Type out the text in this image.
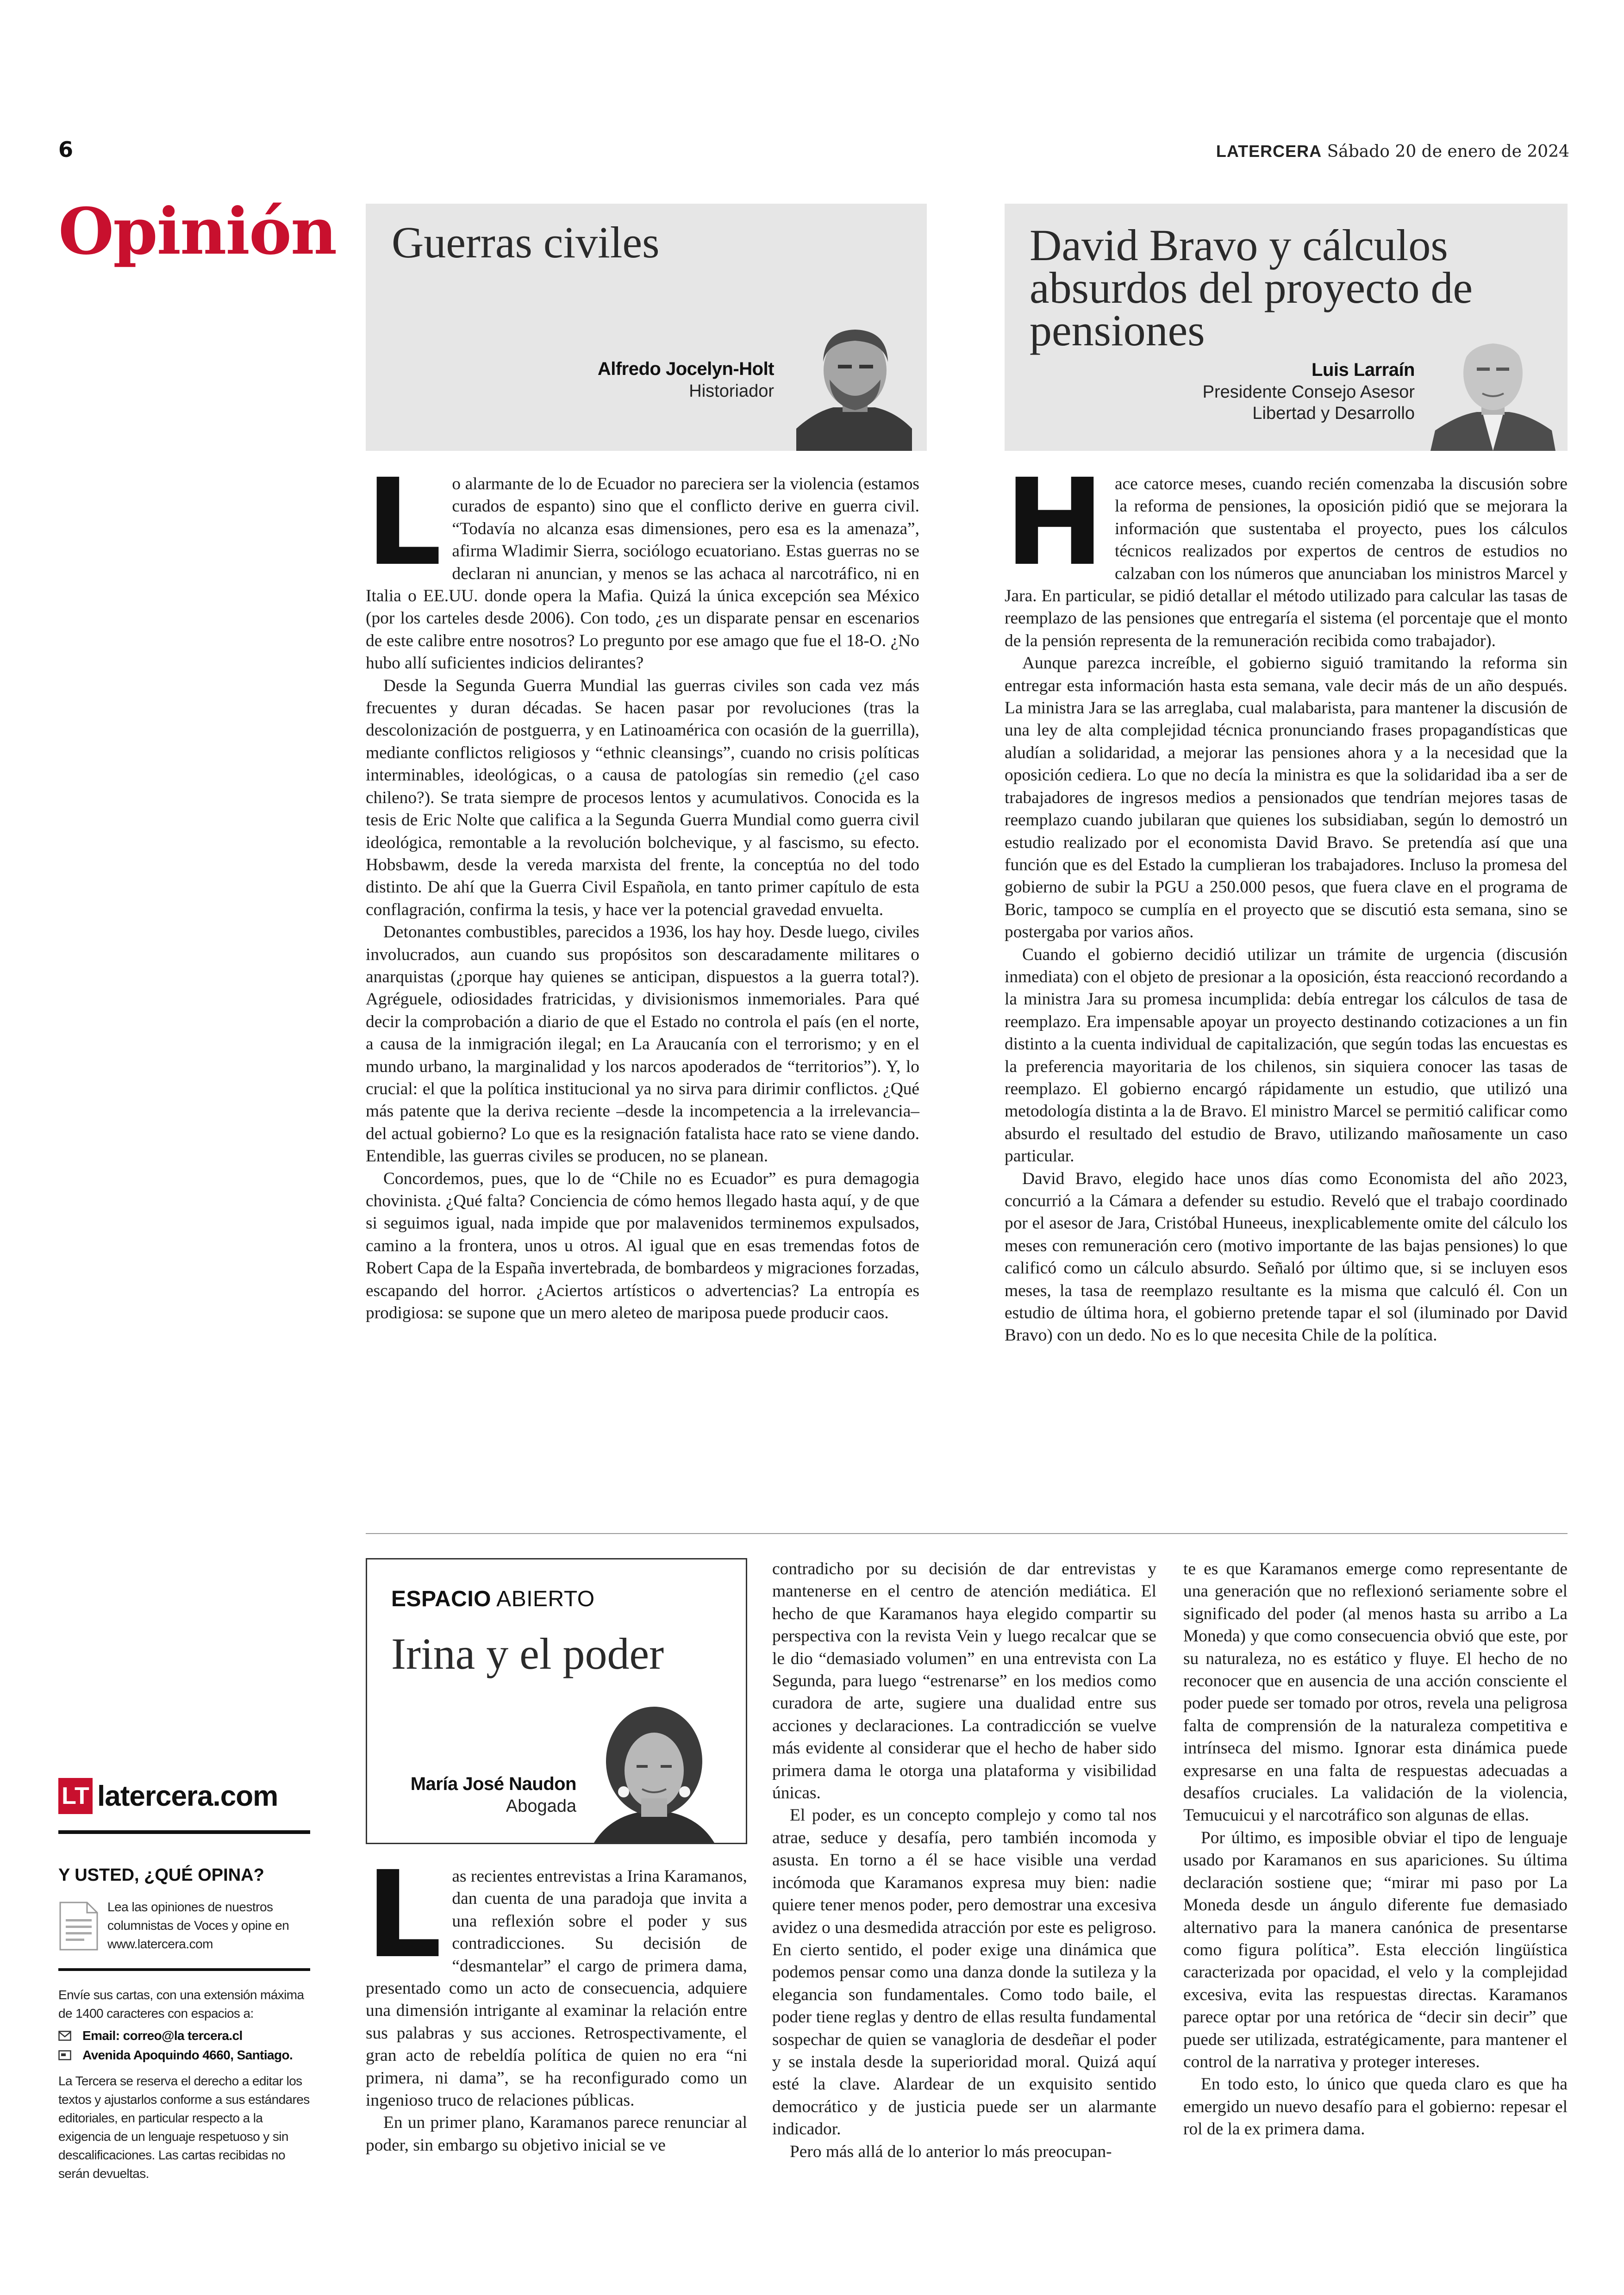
6	LATERCERA Sábado 20 de enero de 2024
Opinión Guerras civiles
Alfredo Jocelyn-Holt
Historiador
David Bravo y cálculos absurdos del proyecto de pensiones
Luis Larraín
Presidente Consejo Asesor
Libertad y Desarrollo

Lo alarmante de lo de Ecuador no pareciera ser la violencia (estamos curados de espanto) sino que el conflicto derive en guerra civil. “Todavía no alcanza esas dimensiones, pero esa es la amenaza”, afirma Wladimir Sierra, sociólogo ecuatoriano. Estas guerras no se declaran ni anuncian, y menos se las achaca al narcotráfico, ni en Italia o EE.UU. donde opera la Mafia. Quizá la única excepción sea México (por los carteles desde 2006). Con todo, ¿es un disparate pensar en escenarios de este calibre entre nosotros? Lo pregunto por ese amago que fue el 18-O. ¿No hubo allí suficientes indicios delirantes?

Desde la Segunda Guerra Mundial las guerras civiles son cada vez más frecuentes y duran décadas. Se hacen pasar por revoluciones (tras la descolonización de postguerra, y en Latinoamérica con ocasión de la guerrilla), mediante conflictos religiosos y “ethnic cleansings”, cuando no crisis políticas interminables, ideológicas, o a causa de patologías sin remedio (¿el caso chileno?). Se trata siempre de procesos lentos y acumulativos. Conocida es la tesis de Eric Nolte que califica a la Segunda Guerra Mundial como guerra civil ideológica, remontable a la revolución bolchevique, y al fascismo, su efecto. Hobsbawm, desde la vereda marxista del frente, la conceptúa no del todo distinto. De ahí que la Guerra Civil Española, en tanto primer capítulo de esta conflagración, confirma la tesis, y hace ver la potencial gravedad envuelta.

Detonantes combustibles, parecidos a 1936, los hay hoy. Desde luego, civiles involucrados, aun cuando sus propósitos son descaradamente militares o anarquistas (¿porque hay quienes se anticipan, dispuestos a la guerra total?). Agréguele, odiosidades fratricidas, y divisionismos inmemoriales. Para qué decir la comprobación a diario de que el Estado no controla el país (en el norte, a causa de la inmigración ilegal; en La Araucanía con el terrorismo; y en el mundo urbano, la marginalidad y los narcos apoderados de “territorios”). Y, lo crucial: el que la política institucional ya no sirva para dirimir conflictos. ¿Qué más patente que la deriva reciente –desde la incompetencia a la irrelevancia– del actual gobierno? Lo que es la resignación fatalista hace rato se viene dando. Entendible, las guerras civiles se producen, no se planean.

Concordemos, pues, que lo de “Chile no es Ecuador” es pura demagogia chovinista. ¿Qué falta? Conciencia de cómo hemos llegado hasta aquí, y de que si seguimos igual, nada impide que por malavenidos terminemos expulsados, camino a la frontera, unos u otros. Al igual que en esas tremendas fotos de Robert Capa de la España invertebrada, de bombardeos y migraciones forzadas, escapando del horror. ¿Aciertos artísticos o advertencias? La entropía es prodigiosa: se supone que un mero aleteo de mariposa puede producir caos.

Hace catorce meses, cuando recién comenzaba la discusión sobre la reforma de pensiones, la oposición pidió que se mejorara la información que sustentaba el proyecto, pues los cálculos técnicos realizados por expertos de centros de estudios no calzaban con los números que anunciaban los ministros Marcel y Jara. En particular, se pidió detallar el método utilizado para calcular las tasas de reemplazo de las pensiones que entregaría el sistema (el porcentaje que el monto de la pensión representa de la remuneración recibida como trabajador).

Aunque parezca increíble, el gobierno siguió tramitando la reforma sin entregar esta información hasta esta semana, vale decir más de un año después. La ministra Jara se las arreglaba, cual malabarista, para mantener la discusión de una ley de alta complejidad técnica pronunciando frases propagandísticas que aludían a solidaridad, a mejorar las pensiones ahora y a la necesidad que la oposición cediera. Lo que no decía la ministra es que la solidaridad iba a ser de trabajadores de ingresos medios a pensionados que tendrían mejores tasas de reemplazo cuando jubilaran que quienes los subsidiaban, según lo demostró un estudio realizado por el economista David Bravo. Se pretendía así que una función que es del Estado la cumplieran los trabajadores. Incluso la promesa del gobierno de subir la PGU a 250.000 pesos, que fuera clave en el programa de Boric, tampoco se cumplía en el proyecto que se discutió esta semana, sino se postergaba por varios años.

Cuando el gobierno decidió utilizar un trámite de urgencia (discusión inmediata) con el objeto de presionar a la oposición, ésta reaccionó recordando a la ministra Jara su promesa incumplida: debía entregar los cálculos de tasa de reemplazo. Era impensable apoyar un proyecto destinando cotizaciones a un fin distinto a la cuenta individual de capitalización, que según todas las encuestas es la preferencia mayoritaria de los chilenos, sin siquiera conocer las tasas de reemplazo. El gobierno encargó rápidamente un estudio, que utilizó una metodología distinta a la de Bravo. El ministro Marcel se permitió calificar como absurdo el resultado del estudio de Bravo, utilizando mañosamente un caso particular.

David Bravo, elegido hace unos días como Economista del año 2023, concurrió a la Cámara a defender su estudio. Reveló que el trabajo coordinado por el asesor de Jara, Cristóbal Huneeus, inexplicablemente omite del cálculo los meses con remuneración cero (motivo importante de las bajas pensiones) lo que calificó como un cálculo absurdo. Señaló por último que, si se incluyen esos meses, la tasa de reemplazo resultante es la misma que calculó él. Con un estudio de última hora, el gobierno pretende tapar el sol (iluminado por David Bravo) con un dedo. No es lo que necesita Chile de la política.

ESPACIO ABIERTO
Irina y el poder
María José Naudon
Abogada

Las recientes entrevistas a Irina Karamanos, dan cuenta de una paradoja que invita a una reflexión sobre el poder y sus contradicciones. Su decisión de “desmantelar” el cargo de primera dama, presentado como un acto de consecuencia, adquiere una dimensión intrigante al examinar la relación entre sus palabras y sus acciones. Retrospectivamente, el gran acto de rebeldía política de quien no era “ni primera, ni dama”, se ha reconfigurado como un ingenioso truco de relaciones públicas.

En un primer plano, Karamanos parece renunciar al poder, sin embargo su objetivo inicial se ve

contradicho por su decisión de dar entrevistas y mantenerse en el centro de atención mediática. El hecho de que Karamanos haya elegido compartir su perspectiva con la revista Vein y luego recalcar que se le dio “demasiado volumen” en una entrevista con La Segunda, para luego “estrenarse” en los medios como curadora de arte, sugiere una dualidad entre sus acciones y declaraciones. La contradicción se vuelve más evidente al considerar que el hecho de haber sido primera dama le otorga una plataforma y visibilidad únicas.

El poder, es un concepto complejo y como tal nos atrae, seduce y desafía, pero también incomoda y asusta. En torno a él se hace visible una verdad incómoda que Karamanos expresa muy bien: nadie quiere tener menos poder, pero demostrar una excesiva avidez o una desmedida atracción por este es peligroso. En cierto sentido, el poder exige una dinámica que podemos pensar como una danza donde la sutileza y la elegancia son fundamentales. Como todo baile, el poder tiene reglas y dentro de ellas resulta fundamental sospechar de quien se vanagloria de desdeñar el poder y se instala desde la superioridad moral. Quizá aquí esté la clave. Alardear de un exquisito sentido democrático y de justicia puede ser un alarmante indicador.

Pero más allá de lo anterior lo más preocupan-

te es que Karamanos emerge como representante de una generación que no reflexionó seriamente sobre el significado del poder (al menos hasta su arribo a La Moneda) y que como consecuencia obvió que este, por su naturaleza, no es estático y fluye. El hecho de no reconocer que en ausencia de una acción consciente el poder puede ser tomado por otros, revela una peligrosa falta de comprensión de la naturaleza competitiva e intrínseca del mismo. Ignorar esta dinámica puede expresarse en una falta de respuestas adecuadas a desafíos cruciales. La validación de la violencia, Temucuicui y el narcotráfico son algunas de ellas.

Por último, es imposible obviar el tipo de lenguaje usado por Karamanos en sus apariciones. Su última declaración sostiene que; “mirar mi paso por La Moneda desde un ángulo diferente fue demasiado alternativo para la manera canónica de presentarse como figura política”. Esta elección lingüística caracterizada por opacidad, el velo y la complejidad excesiva, evita las respuestas directas. Karamanos parece optar por una retórica de “decir sin decir” que puede ser utilizada, estratégicamente, para mantener el control de la narrativa y proteger intereses.

En todo esto, lo único que queda claro es que ha emergido un nuevo desafío para el gobierno: repesar el rol de la ex primera dama.

LT latercera.com
Y USTED, ¿QUÉ OPINA?
Lea las opiniones de nuestros columnistas de Voces y opine en www.latercera.com
Envíe sus cartas, con una extensión máxima de 1400 caracteres con espacios a:
Email: correo@la tercera.cl
Avenida Apoquindo 4660, Santiago.
La Tercera se reserva el derecho a editar los textos y ajustarlos conforme a sus estándares editoriales, en particular respecto a la exigencia de un lenguaje respetuoso y sin descalificaciones. Las cartas recibidas no serán devueltas.
